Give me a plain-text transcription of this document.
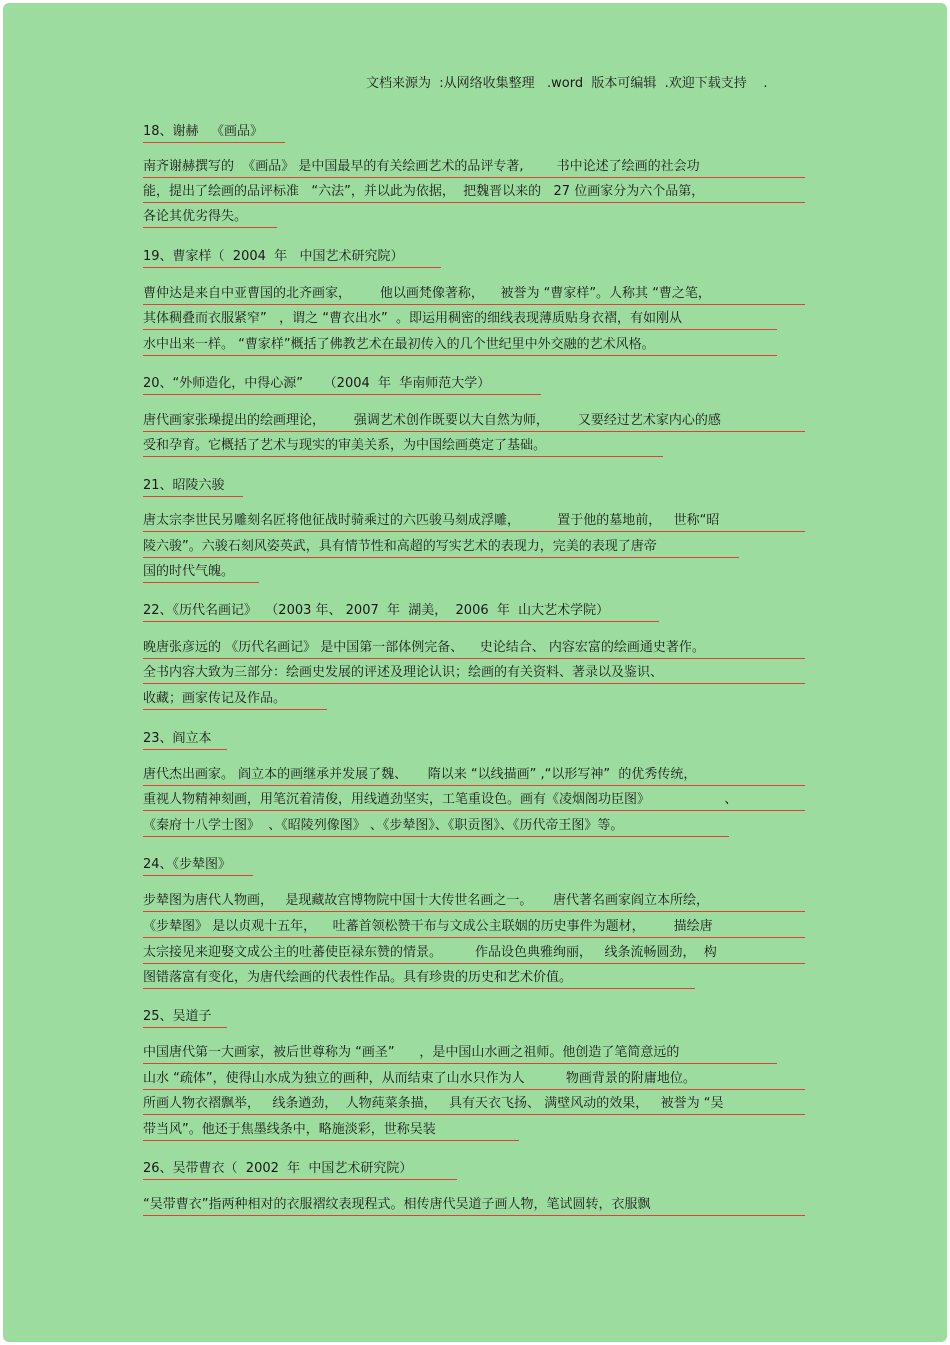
文档来源为  :从网络收集整理   .word  版本可编辑  .欢迎下载支持    .
18、谢赫   《画品》
南齐谢赫撰写的  《画品》 是中国最早的有关绘画艺术的品评专著,        书中论述了绘画的社会功
能，提出了绘画的品评标准   “六法”，并以此为依据，  把魏晋以来的   27 位画家分为六个品第，
各论其优劣得失。
19、曹家样（  2004  年   中国艺术研究院）
曹仲达是来自中亚曹国的北齐画家，       他以画梵像著称，    被誉为 “曹家样”。人称其 “曹之笔，
其体稠叠而衣服紧窄”   ，谓之 “曹衣出水”  。即运用稠密的细线表现薄质贴身衣褶，有如刚从
水中出来一样。 “曹家样”概括了佛教艺术在最初传入的几个世纪里中外交融的艺术风格。
20、“外师造化，中得心源”     （2004  年  华南师范大学）
唐代画家张璪提出的绘画理论，       强调艺术创作既要以大自然为师，       又要经过艺术家内心的感
受和孕育。它概括了艺术与现实的审美关系，为中国绘画奠定了基础。
21、昭陵六骏
唐太宗李世民另雕刻名匠将他征战时骑乘过的六匹骏马刻成浮雕，         置于他的墓地前，   世称“昭
陵六骏”。六骏石刻风姿英武，具有情节性和高超的写实艺术的表现力，完美的表现了唐帝
国的时代气魄。
22、《历代名画记》  （2003 年、 2007  年  湖美，  2006  年  山大艺术学院）
晚唐张彦远的 《历代名画记》 是中国第一部体例完备、    史论结合、 内容宏富的绘画通史著作。
全书内容大致为三部分：绘画史发展的评述及理论认识；绘画的有关资料、著录以及鉴识、
收藏；画家传记及作品。
23、阎立本
唐代杰出画家。 阎立本的画继承并发展了魏、     隋以来 “以线描画” ,“以形写神”  的优秀传统，
重视人物精神刻画，用笔沉着清俊，用线遒劲坚实，工笔重设色。画有《凌烟阁功臣图》                  、
《秦府十八学士图》  、《昭陵列像图》 、《步辇图》、《职贡图》、《历代帝王图》等。
24、《步辇图》
步辇图为唐代人物画，   是现藏故宫博物院中国十大传世名画之一。     唐代著名画家阎立本所绘，
《步辇图》 是以贞观十五年，    吐蕃首领松赞干布与文成公主联姻的历史事件为题材，       描绘唐
太宗接见来迎娶文成公主的吐蕃使臣禄东赞的情景。        作品设色典雅绚丽，   线条流畅圆劲，  构
图错落富有变化，为唐代绘画的代表性作品。具有珍贵的历史和艺术价值。
25、吴道子
中国唐代第一大画家，被后世尊称为 “画圣”      ，是中国山水画之祖师。他创造了笔简意远的
山水 “疏体”，使得山水成为独立的画种，从而结束了山水只作为人          物画背景的附庸地位。
所画人物衣褶飘举，   线条遒劲，  人物莼菜条描，   具有天衣飞扬、 满壁风动的效果，   被誉为 “吴
带当风”。他还于焦墨线条中，略施淡彩，世称吴装
26、吴带曹衣（  2002  年  中国艺术研究院）
“吴带曹衣”指两种相对的衣服褶纹表现程式。相传唐代吴道子画人物，笔试圆转，衣服飘
